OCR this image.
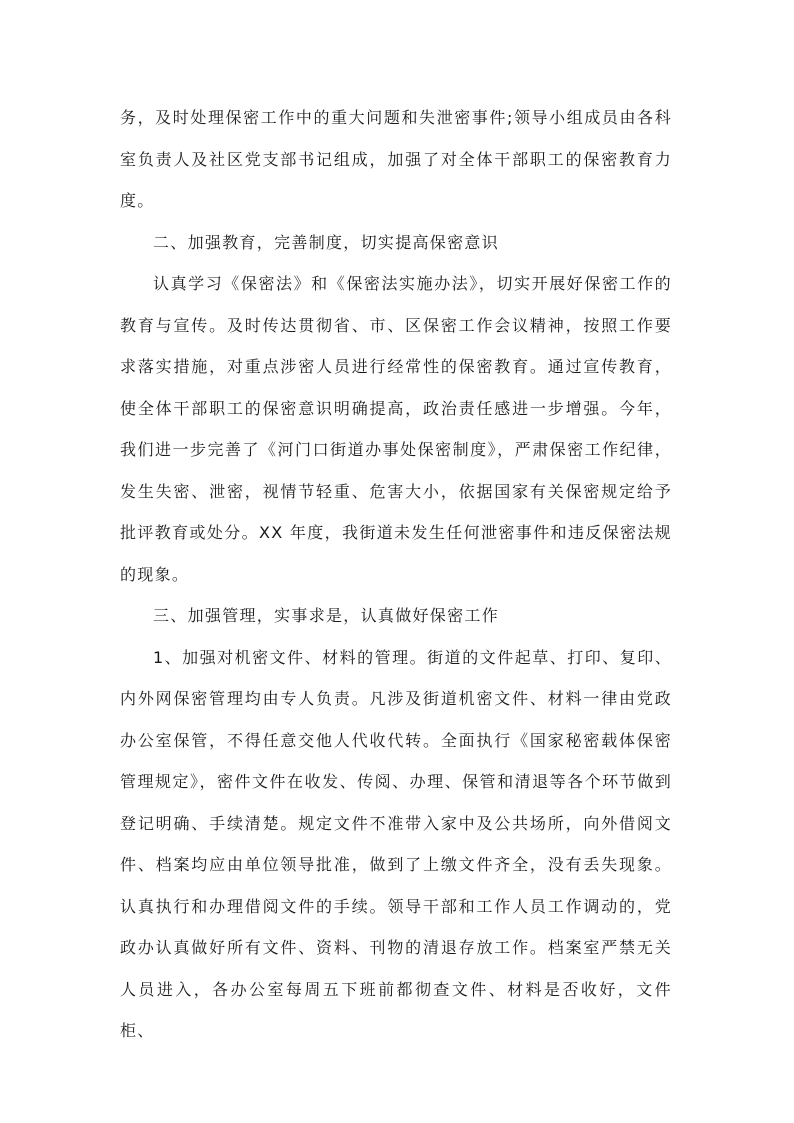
务，及时处理保密工作中的重大问题和失泄密事件;领导小组成员由各科室负责人及社区党支部书记组成，加强了对全体干部职工的保密教育力度。

二、加强教育，完善制度，切实提高保密意识

认真学习《保密法》和《保密法实施办法》，切实开展好保密工作的教育与宣传。及时传达贯彻省、市、区保密工作会议精神，按照工作要求落实措施，对重点涉密人员进行经常性的保密教育。通过宣传教育，使全体干部职工的保密意识明确提高，政治责任感进一步增强。今年，我们进一步完善了《河门口街道办事处保密制度》，严肃保密工作纪律，发生失密、泄密，视情节轻重、危害大小，依据国家有关保密规定给予批评教育或处分。XX 年度，我街道未发生任何泄密事件和违反保密法规的现象。

三、加强管理，实事求是，认真做好保密工作

1、加强对机密文件、材料的管理。街道的文件起草、打印、复印、内外网保密管理均由专人负责。凡涉及街道机密文件、材料一律由党政办公室保管，不得任意交他人代收代转。全面执行《国家秘密载体保密管理规定》，密件文件在收发、传阅、办理、保管和清退等各个环节做到登记明确、手续清楚。规定文件不准带入家中及公共场所，向外借阅文件、档案均应由单位领导批准，做到了上缴文件齐全，没有丢失现象。认真执行和办理借阅文件的手续。领导干部和工作人员工作调动的，党政办认真做好所有文件、资料、刊物的清退存放工作。档案室严禁无关人员进入，各办公室每周五下班前都彻查文件、材料是否收好，文件柜、
